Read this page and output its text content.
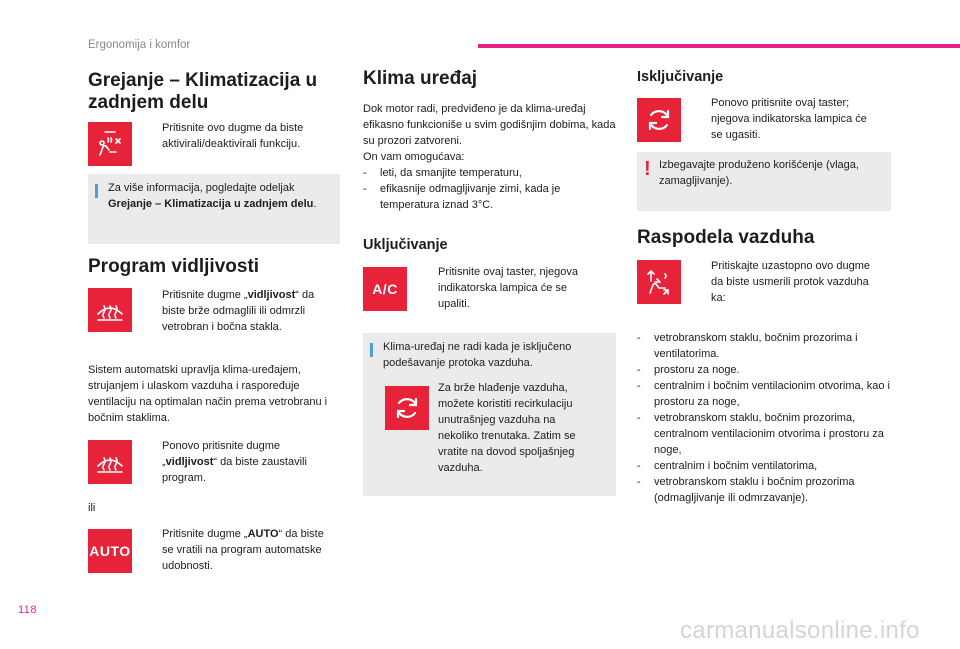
Ergonomija i komfor
Grejanje – Klimatizacija u zadnjem delu
Pritisnite ovo dugme da biste aktivirali/deaktivirali funkciju.
Za više informacija, pogledajte odeljak Grejanje – Klimatizacija u zadnjem delu.
Program vidljivosti
Pritisnite dugme „vidljivost“ da biste brže odmaglili ili odmrzli vetrobran i bočna stakla.
Sistem automatski upravlja klima-uređajem, strujanjem i ulaskom vazduha i raspoređuje ventilaciju na optimalan način prema vetrobranu i bočnim staklima.
Ponovo pritisnite dugme „vidljivost“ da biste zaustavili program.
ili
AUTO
Pritisnite dugme „AUTO“ da biste se vratili na program automatske udobnosti.
Klima uređaj
Dok motor radi, predviđeno je da klima-uređaj efikasno funkcioniše u svim godišnjim dobima, kada su prozori zatvoreni.
On vam omogućava:
- leti, da smanjite temperaturu,
- efikasnije odmagljivanje zimi, kada je temperatura iznad 3°C.
Uključivanje
A/C
Pritisnite ovaj taster, njegova indikatorska lampica će se upaliti.
Klima-uređaj ne radi kada je isključeno podešavanje protoka vazduha.
Za brže hlađenje vazduha, možete koristiti recirkulaciju unutrašnjeg vazduha na nekoliko trenutaka. Zatim se vratite na dovod spoljašnjeg vazduha.
Isključivanje
Ponovo pritisnite ovaj taster; njegova indikatorska lampica će se ugasiti.
! Izbegavajte produženo korišćenje (vlaga, zamagljivanje).
Raspodela vazduha
Pritiskajte uzastopno ovo dugme da biste usmerili protok vazduha ka:
- vetrobranskom staklu, bočnim prozorima i ventilatorima.
- prostoru za noge.
- centralnim i bočnim ventilacionim otvorima, kao i prostoru za noge,
- vetrobranskom staklu, bočnim prozorima, centralnom ventilacionim otvorima i prostoru za noge,
- centralnim i bočnim ventilatorima,
- vetrobranskom staklu i bočnim prozorima (odmagljivanje ili odmrzavanje).
118
carmanualsonline.info
